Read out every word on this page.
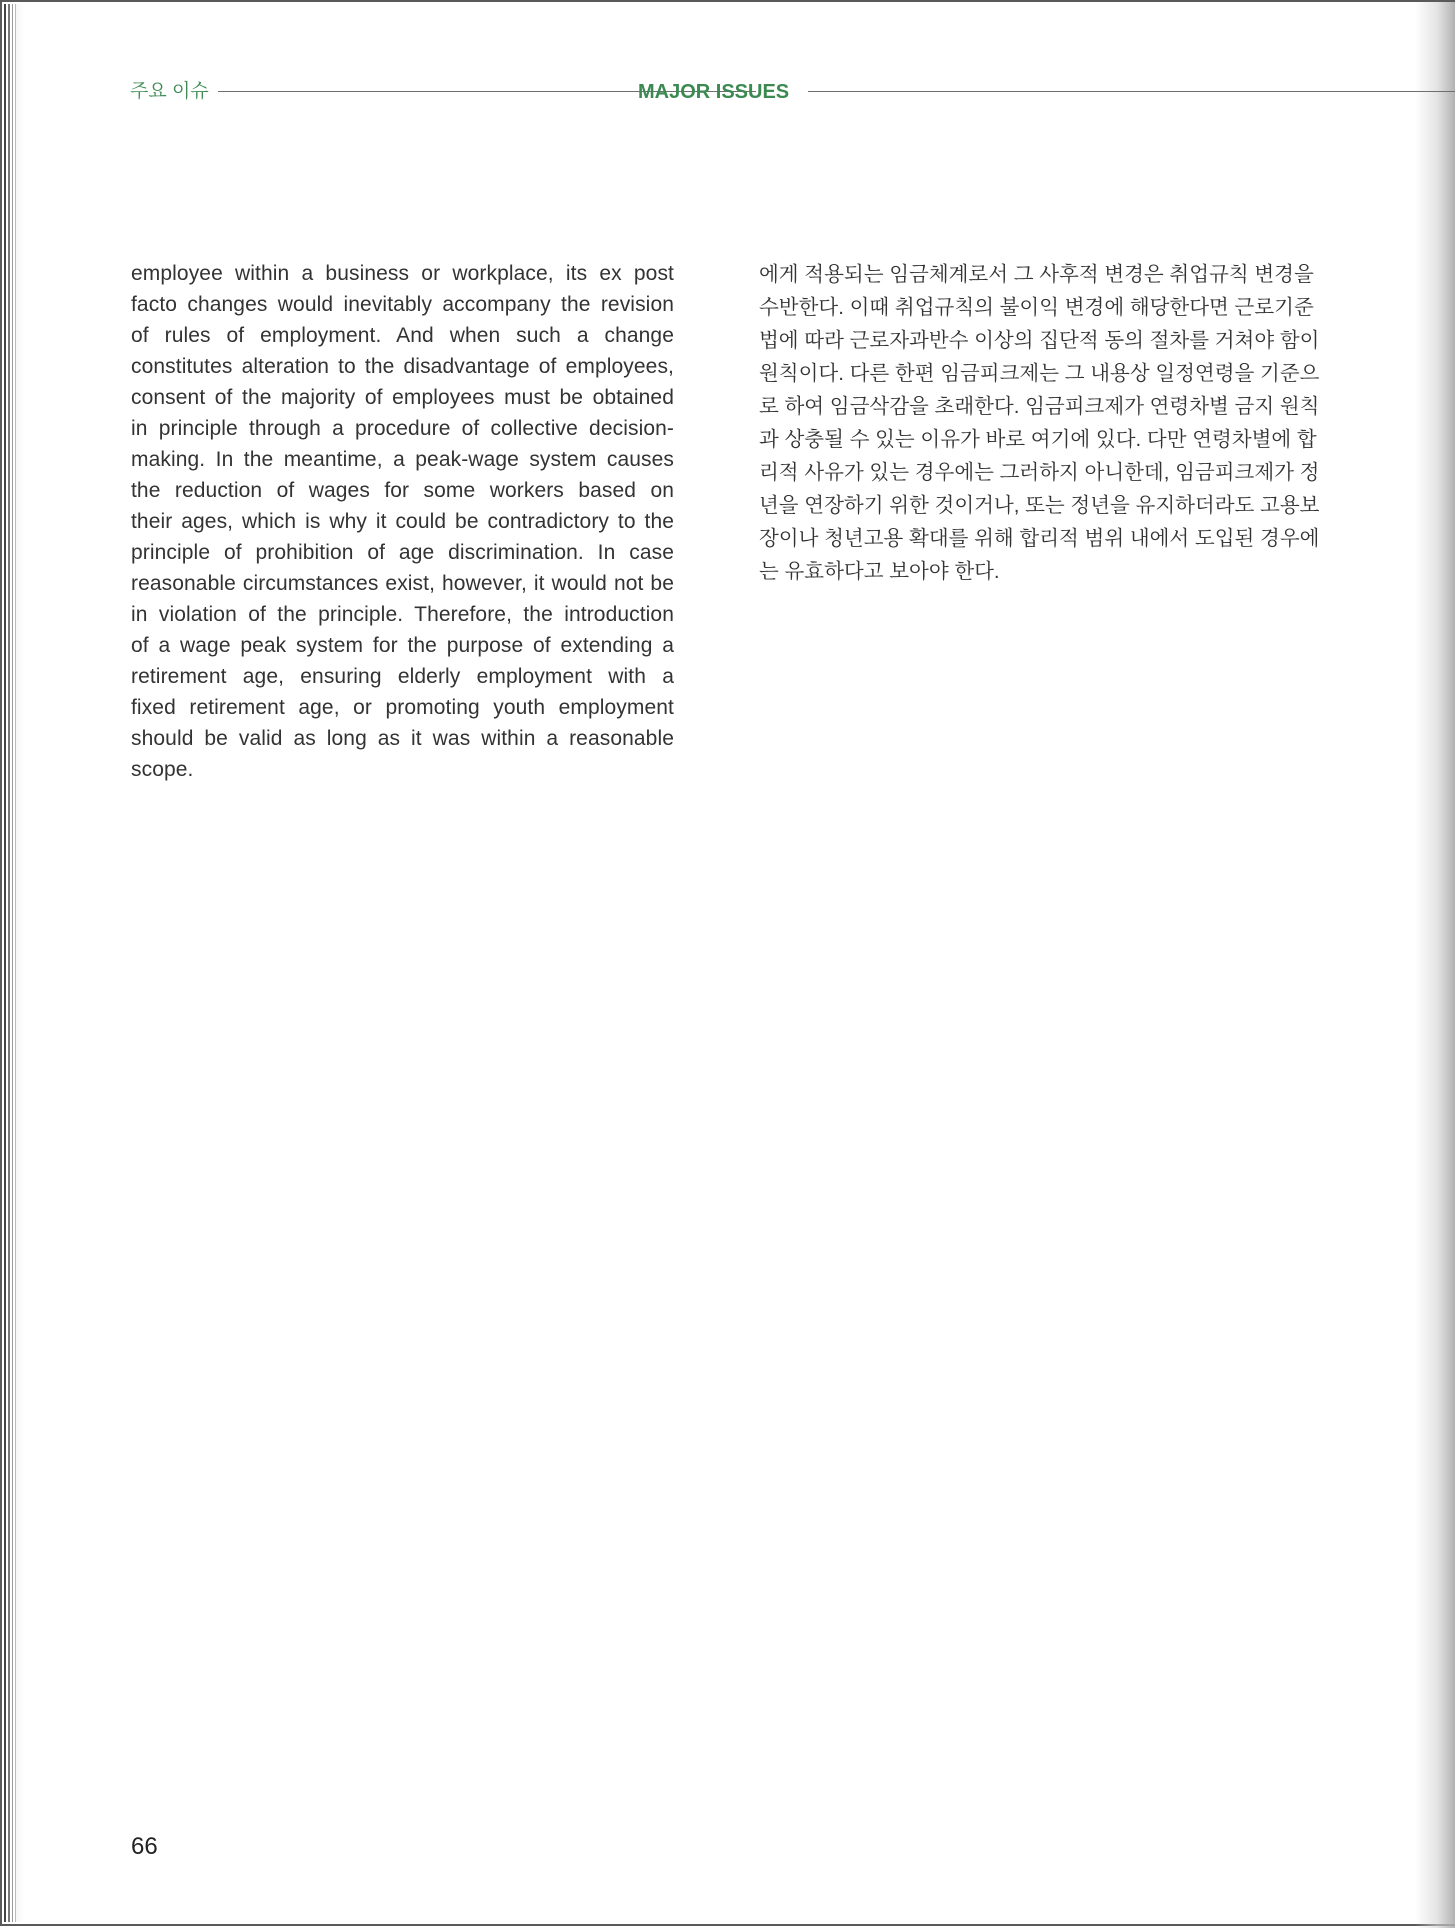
주요 이슈	MAJOR ISSUES
employee within a business or workplace, its ex post
facto changes would inevitably accompany the revision
of rules of employment. And when such a change
constitutes alteration to the disadvantage of employees,
consent of the majority of employees must be obtained
in principle through a procedure of collective decision-
making. In the meantime, a peak-wage system causes
the reduction of wages for some workers based on
their ages, which is why it could be contradictory to the
principle of prohibition of age discrimination. In case
reasonable circumstances exist, however, it would not be
in violation of the principle. Therefore, the introduction
of a wage peak system for the purpose of extending a
retirement age, ensuring elderly employment with a
fixed retirement age, or promoting youth employment
should be valid as long as it was within a reasonable
scope.
에게 적용되는 임금체계로서 그 사후적 변경은 취업규칙 변경을
수반한다. 이때 취업규칙의 불이익 변경에 해당한다면 근로기준
법에 따라 근로자과반수 이상의 집단적 동의 절차를 거쳐야 함이
원칙이다. 다른 한편 임금피크제는 그 내용상 일정연령을 기준으
로 하여 임금삭감을 초래한다. 임금피크제가 연령차별 금지 원칙
과 상충될 수 있는 이유가 바로 여기에 있다. 다만 연령차별에 합
리적 사유가 있는 경우에는 그러하지 아니한데, 임금피크제가 정
년을 연장하기 위한 것이거나, 또는 정년을 유지하더라도 고용보
장이나 청년고용 확대를 위해 합리적 범위 내에서 도입된 경우에
는 유효하다고 보아야 한다.
66
